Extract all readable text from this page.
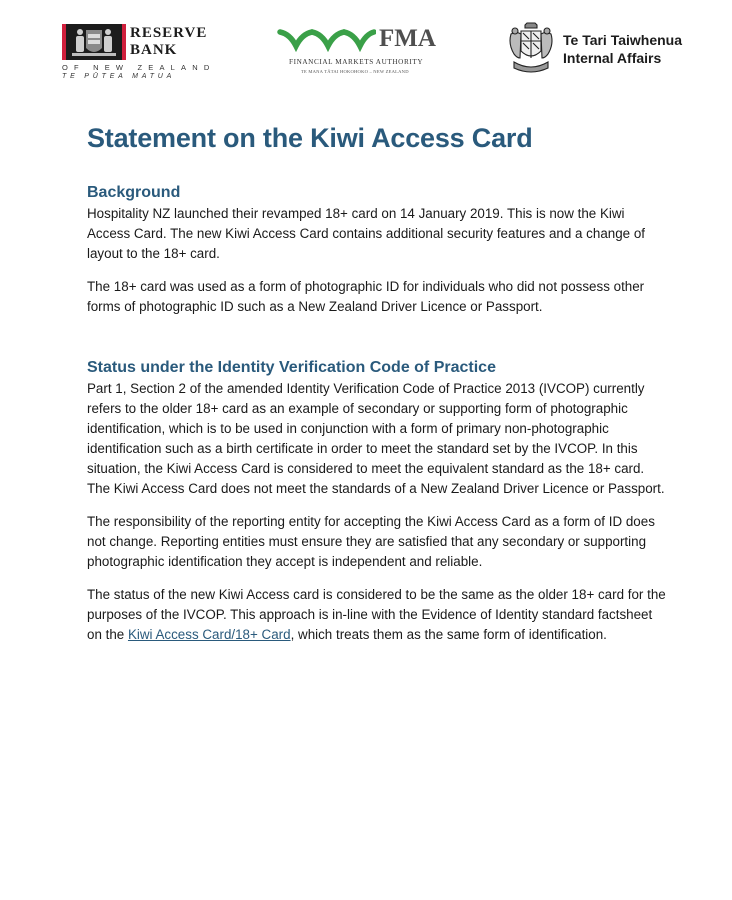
RESERVE
BANK
OF NEW ZEALAND
TE PŪTEA MATUA
FMA
FINANCIAL MARKETS AUTHORITY
TE MANA TĀTAI HOKOHOKO – NEW ZEALAND
Te Tari Taiwhenua
Internal Affairs
Statement on the Kiwi Access Card
Background

Hospitality NZ launched their revamped 18+ card on 14 January 2019. This is now the Kiwi Access Card. The new Kiwi Access Card contains additional security features and a change of layout to the 18+ card.

The 18+ card was used as a form of photographic ID for individuals who did not possess other forms of photographic ID such as a New Zealand Driver Licence or Passport.

Status under the Identity Verification Code of Practice

Part 1, Section 2 of the amended Identity Verification Code of Practice 2013 (IVCOP) currently refers to the older 18+ card as an example of secondary or supporting form of photographic identification, which is to be used in conjunction with a form of primary non-photographic identification such as a birth certificate in order to meet the standard set by the IVCOP. In this situation, the Kiwi Access Card is considered to meet the equivalent standard as the 18+ card. The Kiwi Access Card does not meet the standards of a New Zealand Driver Licence or Passport.

The responsibility of the reporting entity for accepting the Kiwi Access Card as a form of ID does not change. Reporting entities must ensure they are satisfied that any secondary or supporting photographic identification they accept is independent and reliable.

The status of the new Kiwi Access card is considered to be the same as the older 18+ card for the purposes of the IVCOP. This approach is in-line with the Evidence of Identity standard factsheet on the Kiwi Access Card/18+ Card, which treats them as the same form of identification.
